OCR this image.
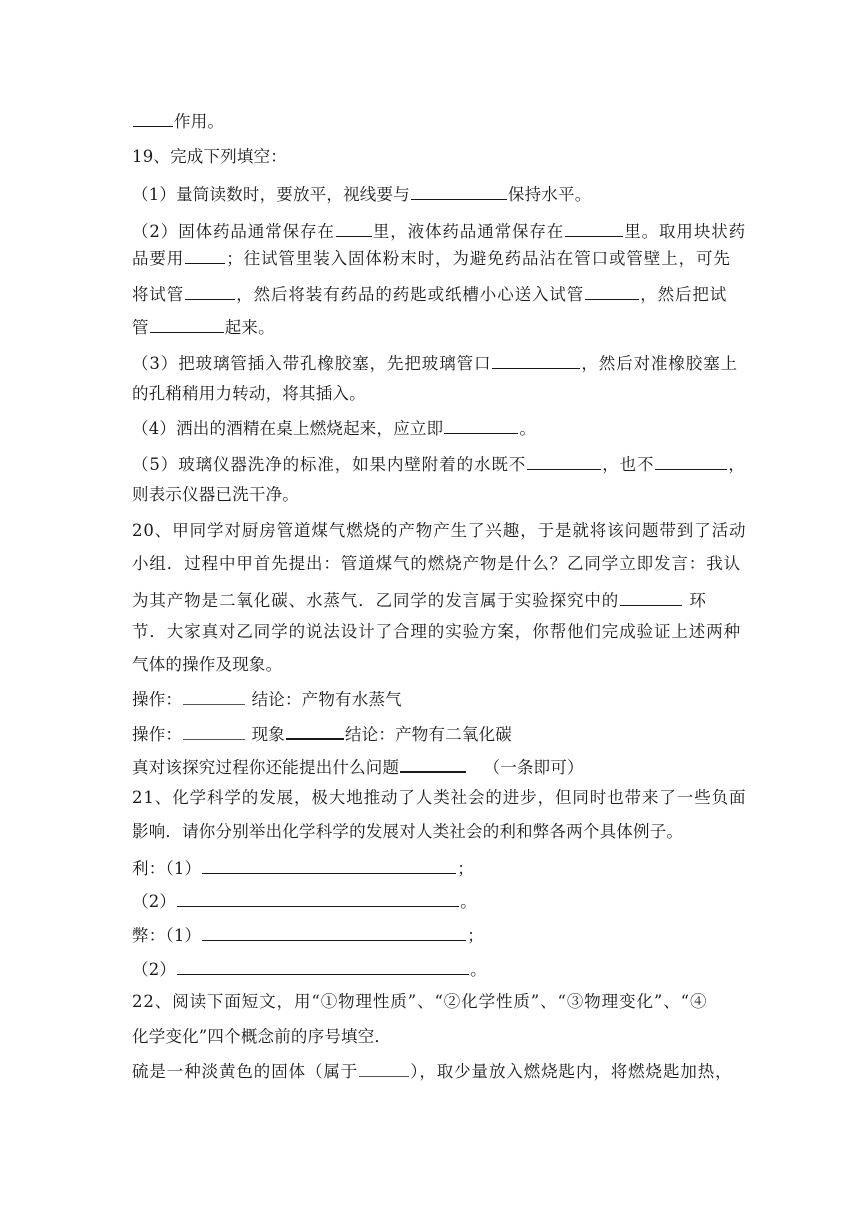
作用。
19、完成下列填空：
（1）量筒读数时，要放平，视线要与	保持水平。
（2）固体药品通常保存在 里，液体药品通常保存在	里。取用块状药
品要用	；往试管里装入固体粉末时，为避免药品沾在管口或管壁上，可先
将试管	，然后将装有药品的药匙或纸槽小心送入试管	，然后把试
管	起来。
（3）把玻璃管插入带孔橡胶塞，先把玻璃管口	，然后对准橡胶塞上
的孔稍稍用力转动，将其插入。
（4）洒出的酒精在桌上燃烧起来，应立即	。
（5）玻璃仪器洗净的标准，如果内壁附着的水既不	，也不	，
则表示仪器已洗干净。
20、甲同学对厨房管道煤气燃烧的产物产生了兴趣，于是就将该问题带到了活动
小组．过程中甲首先提出：管道煤气的燃烧产物是什么？乙同学立即发言：我认
为其产物是二氧化碳、水蒸气．乙同学的发言属于实验探究中的	环
节．大家真对乙同学的说法设计了合理的实验方案，你帮他们完成验证上述两种
气体的操作及现象。
操作：	结论：产物有水蒸气
操作：	现象	结论：产物有二氧化碳
真对该探究过程你还能提出什么问题	（一条即可）
21、化学科学的发展，极大地推动了人类社会的进步，但同时也带来了一些负面
影响．请你分别举出化学科学的发展对人类社会的利和弊各两个具体例子。
利：（1）	；
（2）	。
弊：（1）	；
（2）	。
22、阅读下面短文，用“①物理性质”、“②化学性质”、“③物理变化”、“④
化学变化”四个概念前的序号填空．
硫是一种淡黄色的固体（属于	），取少量放入燃烧匙内，将燃烧匙加热，
